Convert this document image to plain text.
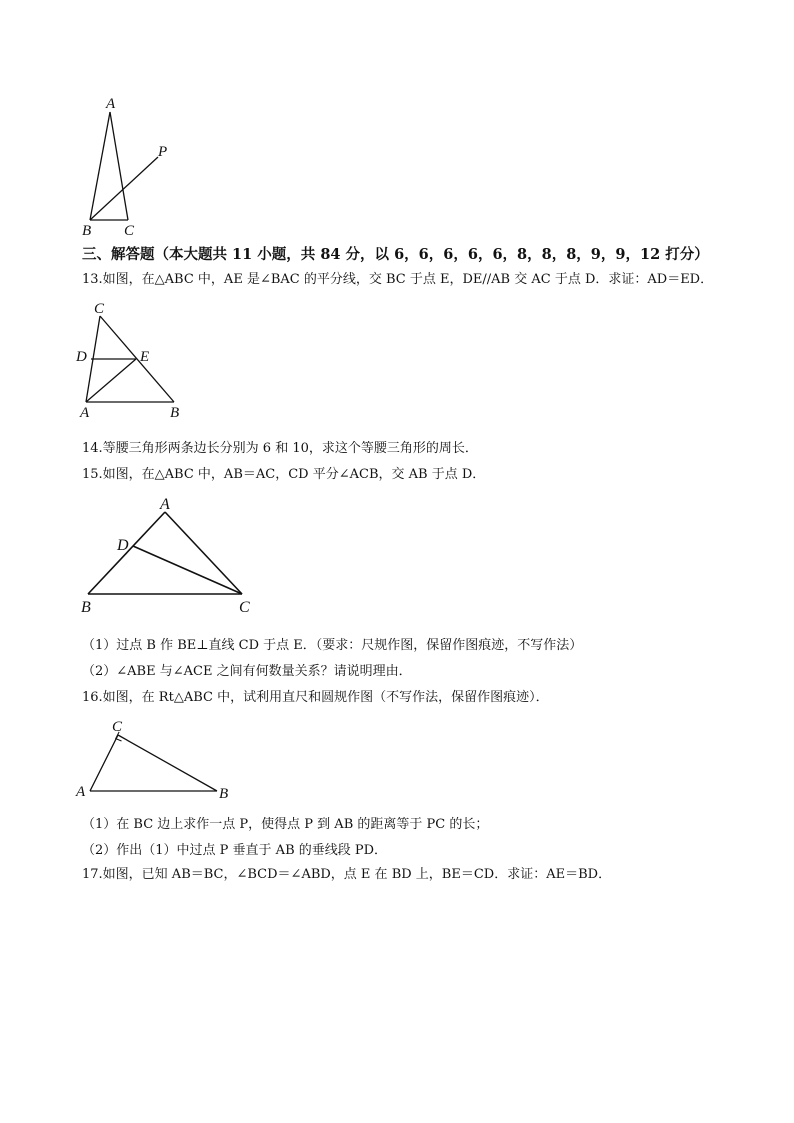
A
P
B C
三、解答题（本大题共 11 小题，共 84 分，以 6，6，6，6，6，8，8，8，9，9，12 打分）
13.如图，在△ABC 中，AE 是∠BAC 的平分线，交 BC 于点 E，DE//AB 交 AC 于点 D．求证：AD＝ED．
C
D	E
A	B
14.等腰三角形两条边长分别为 6 和 10，求这个等腰三角形的周长．
15.如图，在△ABC 中，AB＝AC，CD 平分∠ACB，交 AB 于点 D．
A
D
B	C
（1）过点 B 作 BE⊥直线 CD 于点 E．（要求：尺规作图，保留作图痕迹，不写作法）
（2）∠ABE 与∠ACE 之间有何数量关系？请说明理由．
16.如图，在 Rt△ABC 中，试利用直尺和圆规作图（不写作法，保留作图痕迹）．
C
A	B
（1）在 BC 边上求作一点 P，使得点 P 到 AB 的距离等于 PC 的长；
（2）作出（1）中过点 P 垂直于 AB 的垂线段 PD．
17.如图，已知 AB＝BC，∠BCD＝∠ABD，点 E 在 BD 上，BE＝CD．求证：AE＝BD．
